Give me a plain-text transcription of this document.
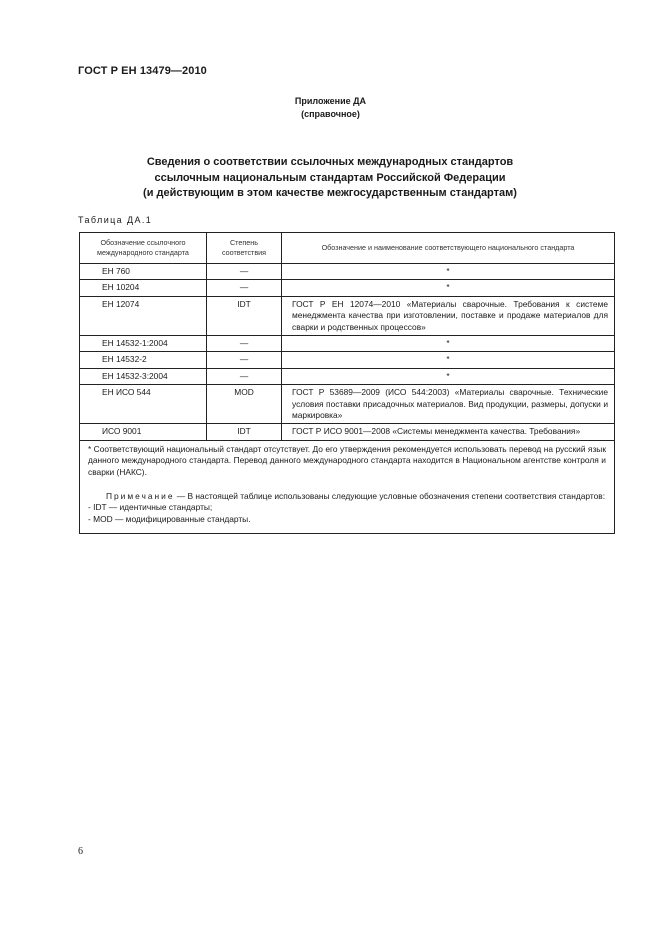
ГОСТ Р ЕН 13479—2010
Приложение ДА
(справочное)
Сведения о соответствии ссылочных международных стандартов
ссылочным национальным стандартам Российской Федерации
(и действующим в этом качестве межгосударственным стандартам)
Таблица ДА.1
Обозначение ссылочного международного стандарта	Степень соответствия	Обозначение и наименование соответствующего национального стандарта
ЕН 760	—	*
ЕН 10204	—	*
ЕН 12074	IDT	ГОСТ Р ЕН 12074—2010 «Материалы сварочные. Требования к системе менеджмента качества при изготовлении, поставке и продаже материалов для сварки и родственных процессов»
ЕН 14532-1:2004	—	*
ЕН 14532-2	—	*
ЕН 14532-3:2004	—	*
ЕН ИСО 544	MOD	ГОСТ Р 53689—2009 (ИСО 544:2003) «Материалы сварочные. Технические условия поставки присадочных материалов. Вид продукции, размеры, допуски и маркировка»
ИСО 9001	IDT	ГОСТ Р ИСО 9001—2008 «Системы менеджмента качества. Требования»

* Соответствующий национальный стандарт отсутствует. До его утверждения рекомендуется использовать перевод на русский язык данного международного стандарта. Перевод данного международного стандарта находится в Национальном агентстве контроля и сварки (НАКС).
Примечание — В настоящей таблице использованы следующие условные обозначения степени соответствия стандартов:
- IDT — идентичные стандарты;
- MOD — модифицированные стандарты.		
6
